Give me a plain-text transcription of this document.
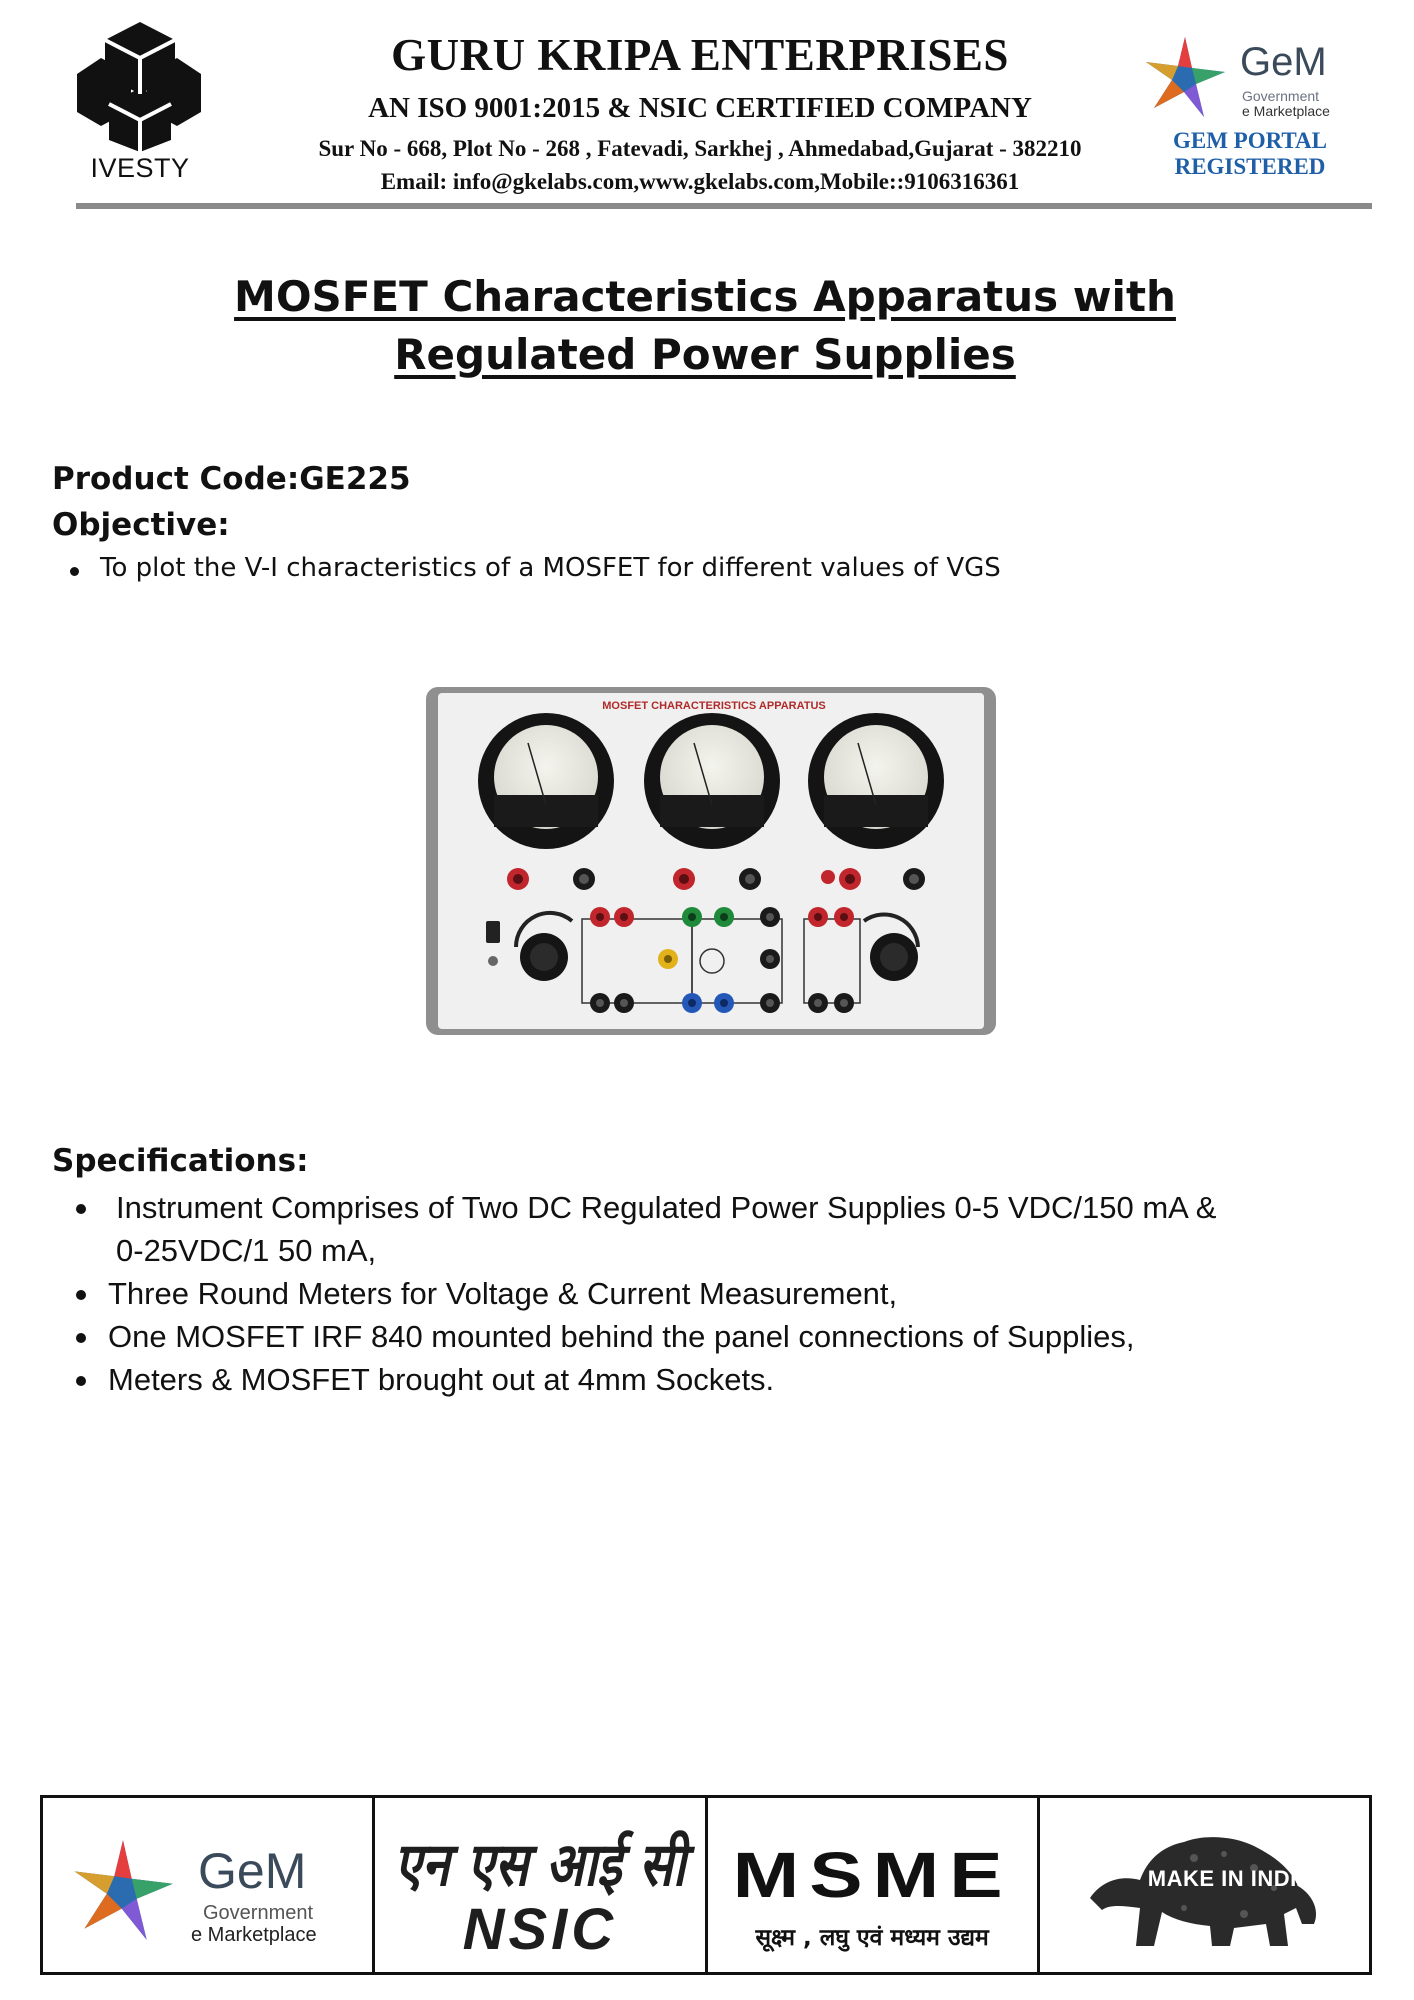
IVESTY
GURU KRIPA ENTERPRISES
AN ISO 9001:2015 & NSIC CERTIFIED COMPANY
Sur No - 668, Plot No - 268 , Fatevadi, Sarkhej , Ahmedabad,Gujarat - 382210
Email: info@gkelabs.com,www.gkelabs.com,Mobile::9106316361
GeM
Government
e Marketplace
GEM PORTAL
REGISTERED
MOSFET Characteristics Apparatus with
Regulated Power Supplies
Product Code:GE225
Objective:
To plot the V-I characteristics of a MOSFET for different values of VGS
MOSFET CHARACTERISTICS APPARATUS
Specifications:
Instrument Comprises of Two DC Regulated Power Supplies 0-5 VDC/150 mA &
0-25VDC/1 50 mA,
Three Round Meters for Voltage & Current Measurement,
One MOSFET IRF 840 mounted behind the panel connections of Supplies,
Meters & MOSFET brought out at 4mm Sockets.
GeM
Government
e Marketplace
एन एस आई सी
NSIC
MSME
सूक्ष्म , लघु एवं मध्यम उद्यम
MAKE IN INDIA
